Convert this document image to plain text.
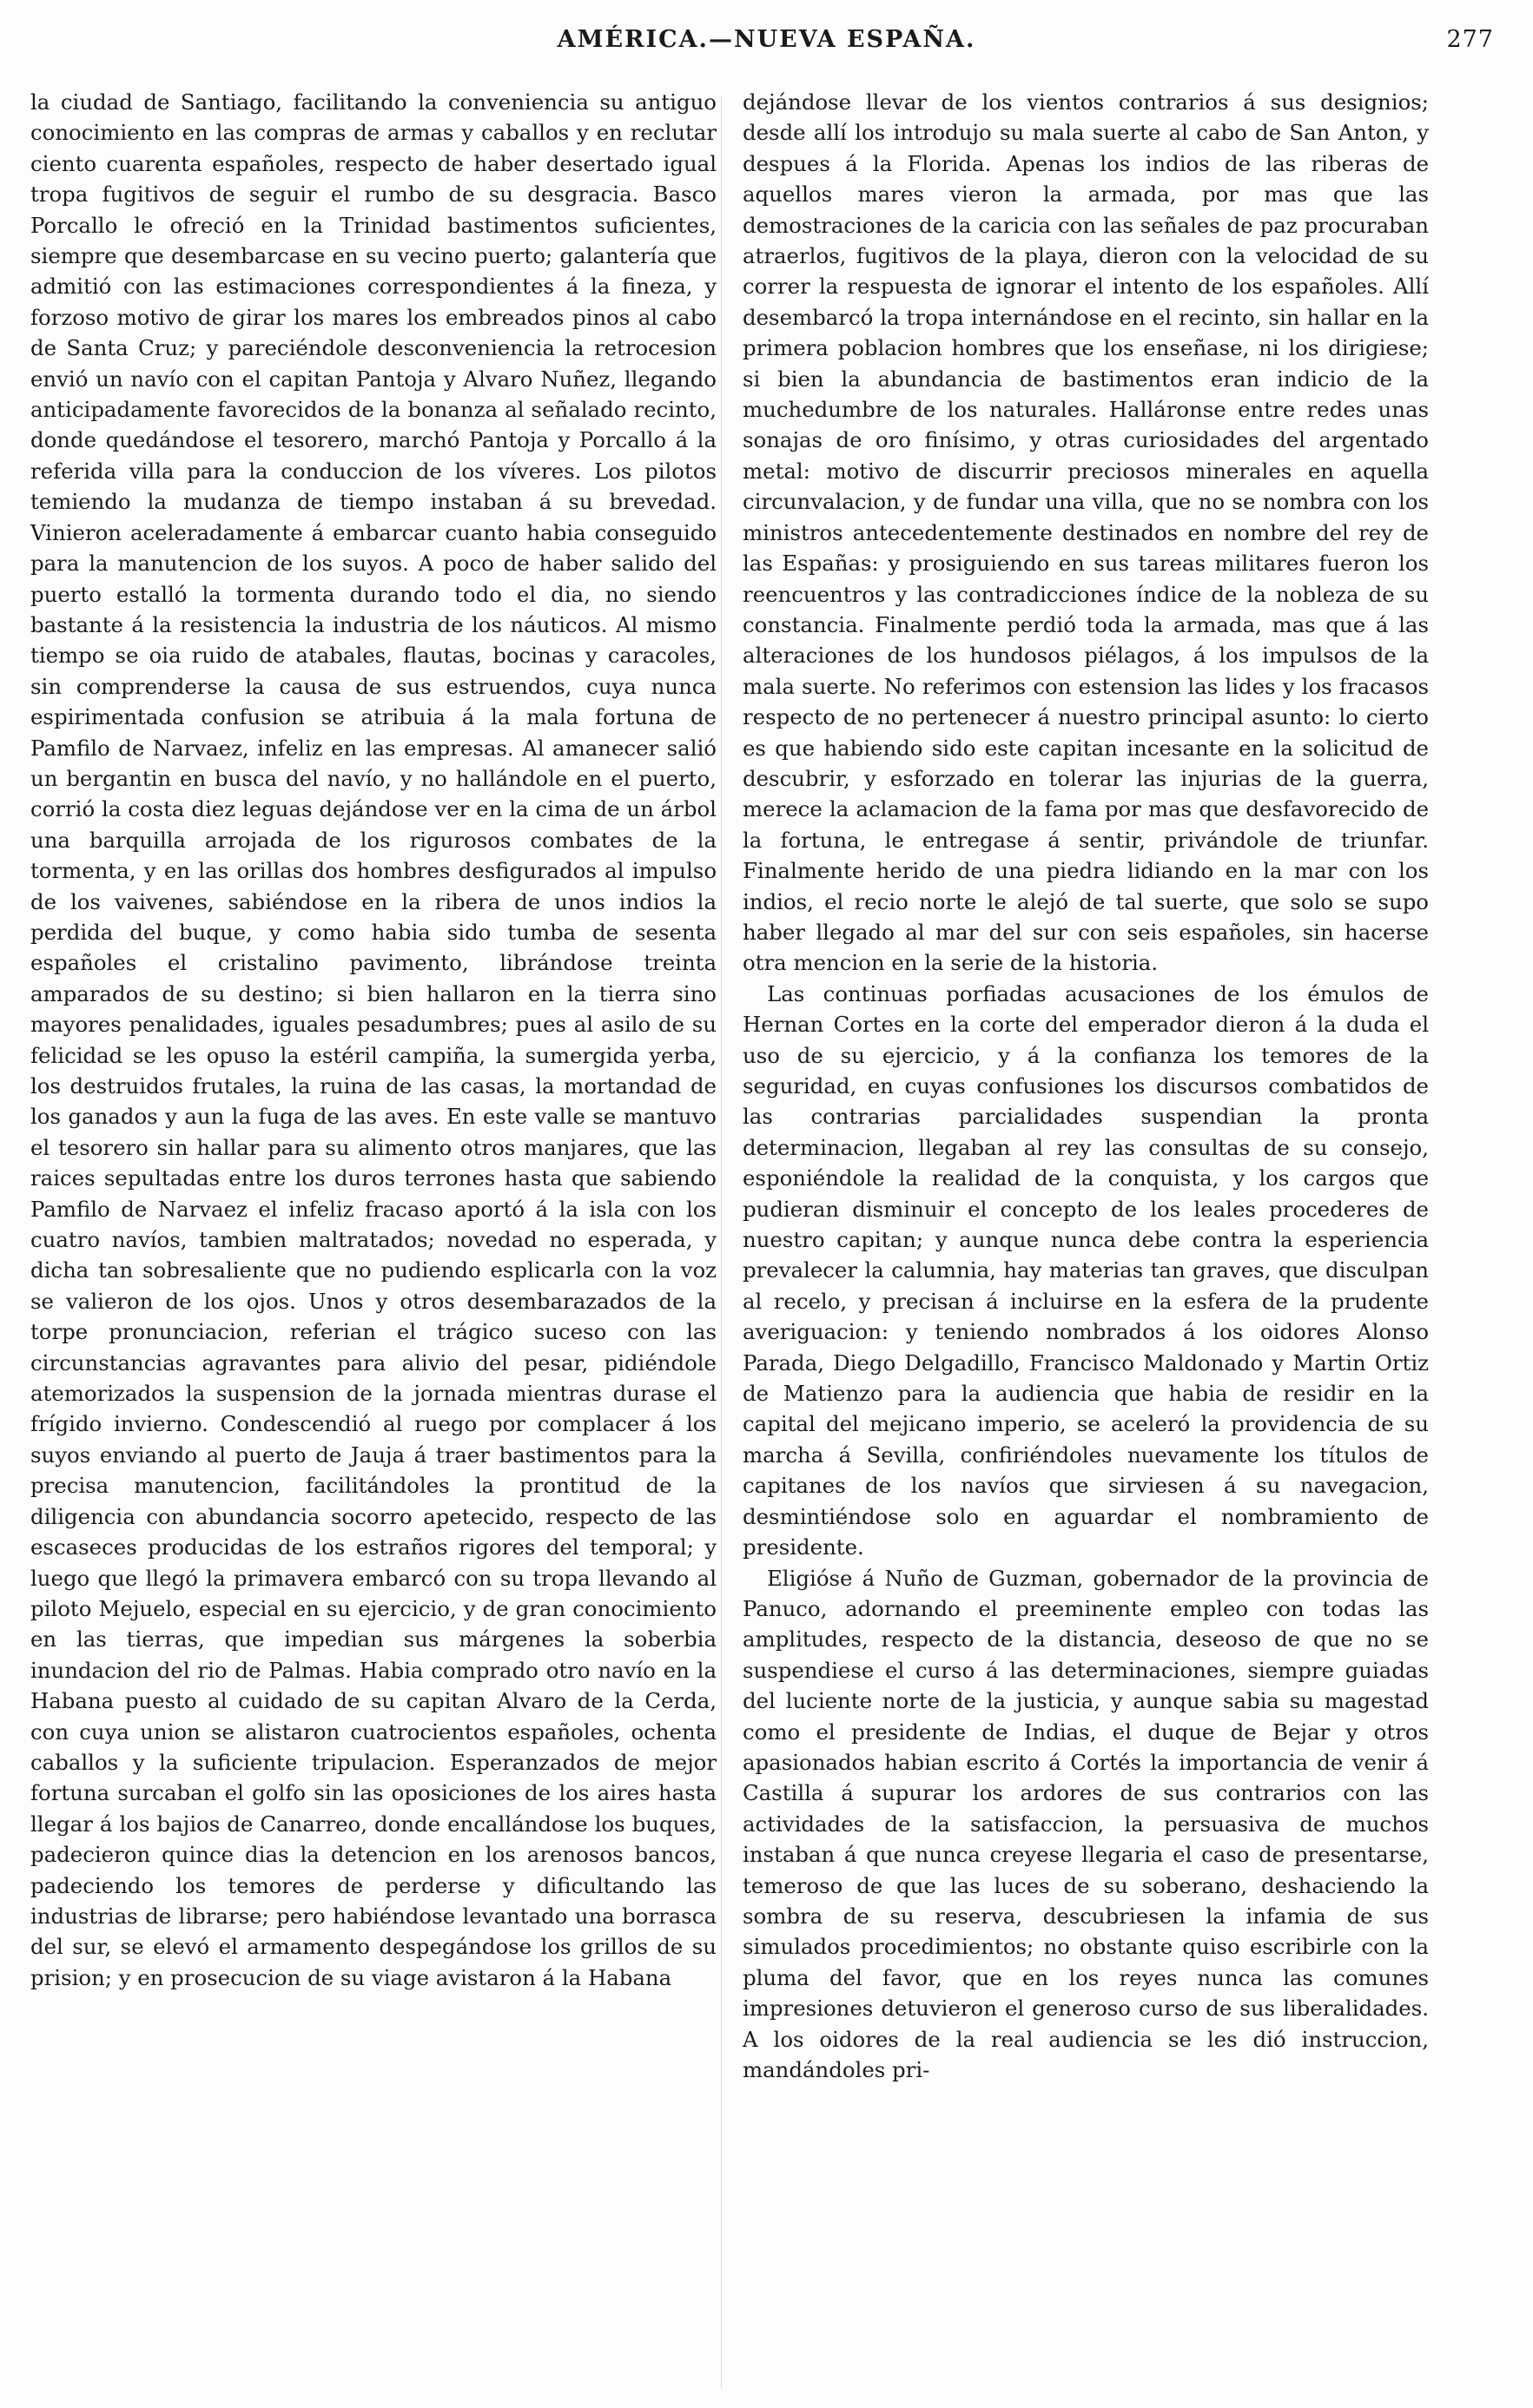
AMÉRICA.—NUEVA ESPAÑA.	277

la ciudad de Santiago, facilitando la conveniencia su antiguo conocimiento en las compras de armas y caballos y en reclutar ciento cuarenta españoles, respecto de haber desertado igual tropa fugitivos de seguir el rumbo de su desgracia. Basco Porcallo le ofreció en la Trinidad bastimentos suficientes, siempre que desembarcase en su vecino puerto; galantería que admitió con las estimaciones correspondientes á la fineza, y forzoso motivo de girar los mares los embreados pinos al cabo de Santa Cruz; y pareciéndole desconveniencia la retrocesion envió un navío con el capitan Pantoja y Alvaro Nuñez, llegando anticipadamente favorecidos de la bonanza al señalado recinto, donde quedándose el tesorero, marchó Pantoja y Porcallo á la referida villa para la conduccion de los víveres. Los pilotos temiendo la mudanza de tiempo instaban á su brevedad. Vinieron aceleradamente á embarcar cuanto habia conseguido para la manutencion de los suyos. A poco de haber salido del puerto estalló la tormenta durando todo el dia, no siendo bastante á la resistencia la industria de los náuticos. Al mismo tiempo se oia ruido de atabales, flautas, bocinas y caracoles, sin comprenderse la causa de sus estruendos, cuya nunca espirimentada confusion se atribuia á la mala fortuna de Pamfilo de Narvaez, infeliz en las empresas. Al amanecer salió un bergantin en busca del navío, y no hallándole en el puerto, corrió la costa diez leguas dejándose ver en la cima de un árbol una barquilla arrojada de los rigurosos combates de la tormenta, y en las orillas dos hombres desfigurados al impulso de los vaivenes, sabiéndose en la ribera de unos indios la perdida del buque, y como habia sido tumba de sesenta españoles el cristalino pavimento, librándose treinta amparados de su destino; si bien hallaron en la tierra sino mayores penalidades, iguales pesadumbres; pues al asilo de su felicidad se les opuso la estéril campiña, la sumergida yerba, los destruidos frutales, la ruina de las casas, la mortandad de los ganados y aun la fuga de las aves. En este valle se mantuvo el tesorero sin hallar para su alimento otros manjares, que las raices sepultadas entre los duros terrones hasta que sabiendo Pamfilo de Narvaez el infeliz fracaso aportó á la isla con los cuatro navíos, tambien maltratados; novedad no esperada, y dicha tan sobresaliente que no pudiendo esplicarla con la voz se valieron de los ojos. Unos y otros desembarazados de la torpe pronunciacion, referian el trágico suceso con las circunstancias agravantes para alivio del pesar, pidiéndole atemorizados la suspension de la jornada mientras durase el frígido invierno. Condescendió al ruego por complacer á los suyos enviando al puerto de Jauja á traer bastimentos para la precisa manutencion, facilitándoles la prontitud de la diligencia con abundancia socorro apetecido, respecto de las escaseces producidas de los estraños rigores del temporal; y luego que llegó la primavera embarcó con su tropa llevando al piloto Mejuelo, especial en su ejercicio, y de gran conocimiento en las tierras, que impedian sus márgenes la soberbia inundacion del rio de Palmas. Habia comprado otro navío en la Habana puesto al cuidado de su capitan Alvaro de la Cerda, con cuya union se alistaron cuatrocientos españoles, ochenta caballos y la suficiente tripulacion. Esperanzados de mejor fortuna surcaban el golfo sin las oposiciones de los aires hasta llegar á los bajios de Canarreo, donde encallándose los buques, padecieron quince dias la detencion en los arenosos bancos, padeciendo los temores de perderse y dificultando las industrias de librarse; pero habiéndose levantado una borrasca del sur, se elevó el armamento despegándose los grillos de su prision; y en prosecucion de su viage avistaron á la Habana

dejándose llevar de los vientos contrarios á sus designios; desde allí los introdujo su mala suerte al cabo de San Anton, y despues á la Florida. Apenas los indios de las riberas de aquellos mares vieron la armada, por mas que las demostraciones de la caricia con las señales de paz procuraban atraerlos, fugitivos de la playa, dieron con la velocidad de su correr la respuesta de ignorar el intento de los españoles. Allí desembarcó la tropa internándose en el recinto, sin hallar en la primera poblacion hombres que los enseñase, ni los dirigiese; si bien la abundancia de bastimentos eran indicio de la muchedumbre de los naturales. Halláronse entre redes unas sonajas de oro finísimo, y otras curiosidades del argentado metal: motivo de discurrir preciosos minerales en aquella circunvalacion, y de fundar una villa, que no se nombra con los ministros antecedentemente destinados en nombre del rey de las Españas: y prosiguiendo en sus tareas militares fueron los reencuentros y las contradicciones índice de la nobleza de su constancia. Finalmente perdió toda la armada, mas que á las alteraciones de los hundosos piélagos, á los impulsos de la mala suerte. No referimos con estension las lides y los fracasos respecto de no pertenecer á nuestro principal asunto: lo cierto es que habiendo sido este capitan incesante en la solicitud de descubrir, y esforzado en tolerar las injurias de la guerra, merece la aclamacion de la fama por mas que desfavorecido de la fortuna, le entregase á sentir, privándole de triunfar. Finalmente herido de una piedra lidiando en la mar con los indios, el recio norte le alejó de tal suerte, que solo se supo haber llegado al mar del sur con seis españoles, sin hacerse otra mencion en la serie de la historia.

Las continuas porfiadas acusaciones de los émulos de Hernan Cortes en la corte del emperador dieron á la duda el uso de su ejercicio, y á la confianza los temores de la seguridad, en cuyas confusiones los discursos combatidos de las contrarias parcialidades suspendian la pronta determinacion, llegaban al rey las consultas de su consejo, esponiéndole la realidad de la conquista, y los cargos que pudieran disminuir el concepto de los leales procederes de nuestro capitan; y aunque nunca debe contra la esperiencia prevalecer la calumnia, hay materias tan graves, que disculpan al recelo, y precisan á incluirse en la esfera de la prudente averiguacion: y teniendo nombrados á los oidores Alonso Parada, Diego Delgadillo, Francisco Maldonado y Martin Ortiz de Matienzo para la audiencia que habia de residir en la capital del mejicano imperio, se aceleró la providencia de su marcha á Sevilla, confiriéndoles nuevamente los títulos de capitanes de los navíos que sirviesen á su navegacion, desmintiéndose solo en aguardar el nombramiento de presidente.

Eligióse á Nuño de Guzman, gobernador de la provincia de Panuco, adornando el preeminente empleo con todas las amplitudes, respecto de la distancia, deseoso de que no se suspendiese el curso á las determinaciones, siempre guiadas del luciente norte de la justicia, y aunque sabia su magestad como el presidente de Indias, el duque de Bejar y otros apasionados habian escrito á Cortés la importancia de venir á Castilla á supurar los ardores de sus contrarios con las actividades de la satisfaccion, la persuasiva de muchos instaban á que nunca creyese llegaria el caso de presentarse, temeroso de que las luces de su soberano, deshaciendo la sombra de su reserva, descubriesen la infamia de sus simulados procedimientos; no obstante quiso escribirle con la pluma del favor, que en los reyes nunca las comunes impresiones detuvieron el generoso curso de sus liberalidades. A los oidores de la real audiencia se les dió instruccion, mandándoles pri-
